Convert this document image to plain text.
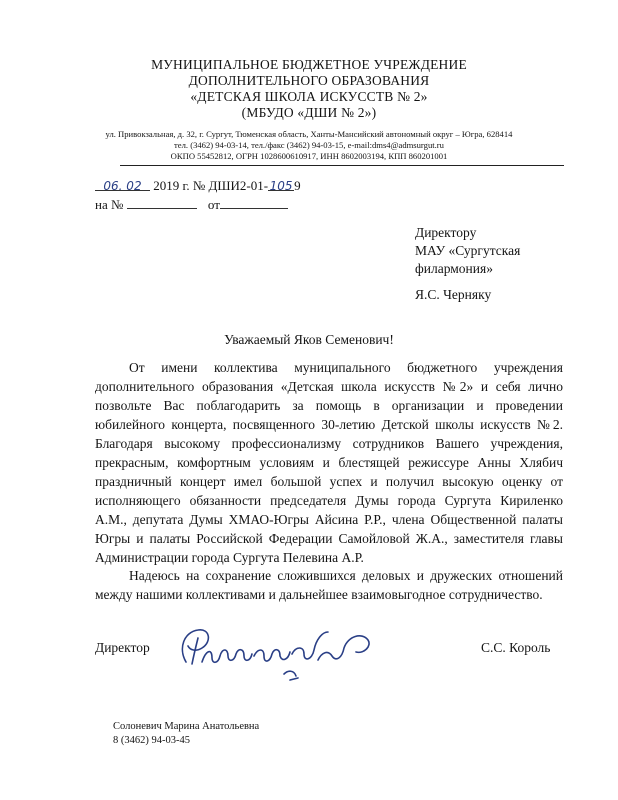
МУНИЦИПАЛЬНОЕ БЮДЖЕТНОЕ УЧРЕЖДЕНИЕ
ДОПОЛНИТЕЛЬНОГО ОБРАЗОВАНИЯ
«ДЕТСКАЯ ШКОЛА ИСКУССТВ № 2»
(МБУДО «ДШИ № 2»)
ул. Привокзальная, д. 32, г. Сургут, Тюменская область, Ханты-Мансийский автономный округ – Югра, 628414
тел. (3462) 94-03-14, тел./факс (3462) 94-03-15, e-mail:dms4@admsurgut.ru
ОКПО 55452812, ОГРН 1028600610917, ИНН 8602003194, КПП 860201001
06. 02 2019 г. № ДШИ2-01- 105 9
на №	от
Директору
МАУ «Сургутская
филармония»
Я.С. Черняку
Уважаемый Яков Семенович!
От имени коллектива муниципального бюджетного учреждения дополнительного образования «Детская школа искусств №2» и себя лично позвольте Вас поблагодарить за помощь в организации и проведении юбилейного концерта, посвященного 30-летию Детской школы искусств №2. Благодаря высокому профессионализму сотрудников Вашего учреждения, прекрасным, комфортным условиям и блестящей режиссуре Анны Хлябич праздничный концерт имел большой успех и получил высокую оценку от исполняющего обязанности председателя Думы города Сургута Кириленко А.М., депутата Думы ХМАО-Югры Айсина Р.Р., члена Общественной палаты Югры и палаты Российской Федерации Самойловой Ж.А., заместителя главы Администрации города Сургута Пелевина А.Р.
Надеюсь на сохранение сложившихся деловых и дружеских отношений между нашими коллективами и дальнейшее взаимовыгодное сотрудничество.
Директор	С.С. Король
Солоневич Марина Анатольевна
8 (3462) 94-03-45
